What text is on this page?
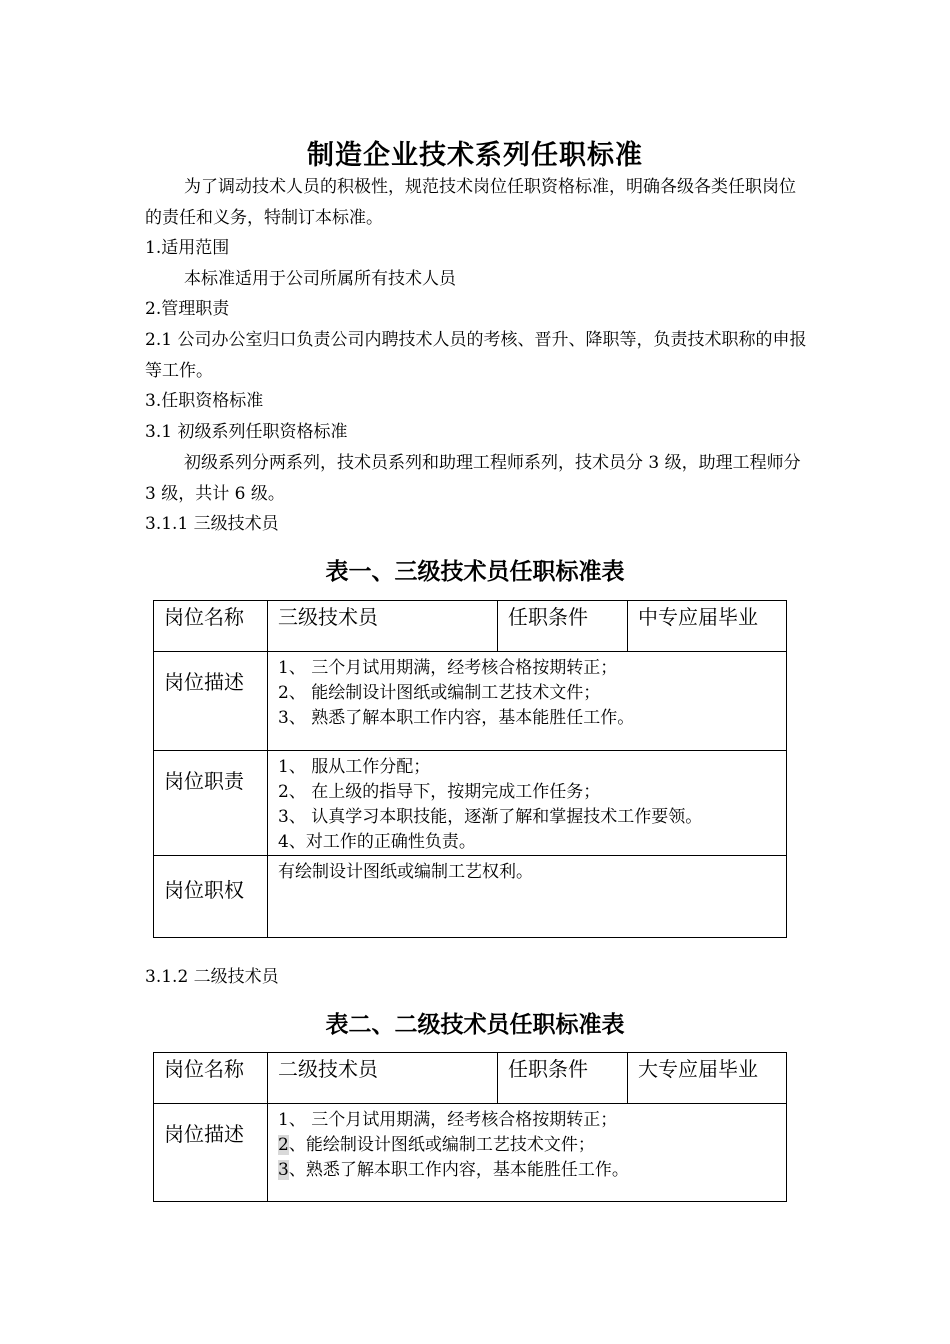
制造企业技术系列任职标准
为了调动技术人员的积极性，规范技术岗位任职资格标准，明确各级各类任职岗位的责任和义务，特制订本标准。
1.适用范围
本标准适用于公司所属所有技术人员
2.管理职责
2.1 公司办公室归口负责公司内聘技术人员的考核、晋升、降职等，负责技术职称的申报等工作。
3.任职资格标准
3.1 初级系列任职资格标准
初级系列分两系列，技术员系列和助理工程师系列，技术员分 3 级，助理工程师分 3 级，共计 6 级。
3.1.1 三级技术员
表一、三级技术员任职标准表
岗位名称	三级技术员	任职条件	中专应届毕业
岗位描述	1、 三个月试用期满，经考核合格按期转正；
2、 能绘制设计图纸或编制工艺技术文件；
3、 熟悉了解本职工作内容，基本能胜任工作。		

岗位职责	1、 服从工作分配；
2、 在上级的指导下，按期完成工作任务；
3、 认真学习本职技能，逐渐了解和掌握技术工作要领。
4、对工作的正确性负责。		

岗位职权	有绘制设计图纸或编制工艺权利。		
3.1.2 二级技术员
表二、二级技术员任职标准表
岗位名称	二级技术员	任职条件	大专应届毕业
岗位描述	1、 三个月试用期满，经考核合格按期转正；
2、能绘制设计图纸或编制工艺技术文件；
3、熟悉了解本职工作内容，基本能胜任工作。		
